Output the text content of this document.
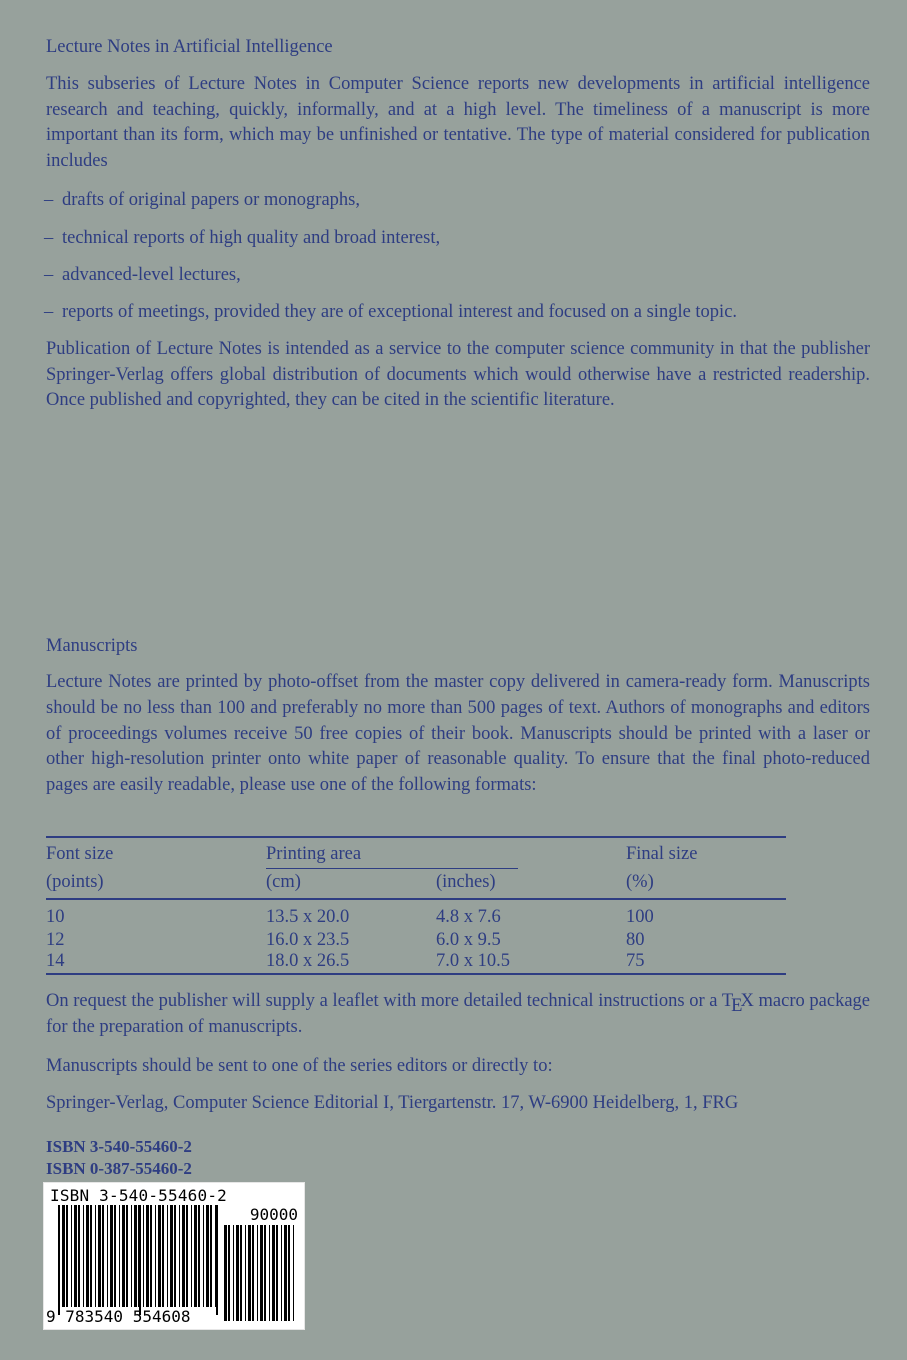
Lecture Notes in Artificial Intelligence

This subseries of Lecture Notes in Computer Science reports new developments in artificial intelligence research and teaching, quickly, informally, and at a high level. The timeliness of a manuscript is more important than its form, which may be unfinished or tentative. The type of material considered for publication includes

– drafts of original papers or monographs,
– technical reports of high quality and broad interest,
– advanced-level lectures,
– reports of meetings, provided they are of exceptional interest and focused on a single topic.

Publication of Lecture Notes is intended as a service to the computer science community in that the publisher Springer-Verlag offers global distribution of documents which would otherwise have a restricted readership. Once published and copyrighted, they can be cited in the scientific literature.

Manuscripts

Lecture Notes are printed by photo-offset from the master copy delivered in camera-ready form. Manuscripts should be no less than 100 and preferably no more than 500 pages of text. Authors of monographs and editors of proceedings volumes receive 50 free copies of their book. Manuscripts should be printed with a laser or other high-resolution printer onto white paper of reasonable quality. To ensure that the final photo-reduced pages are easily readable, please use one of the following formats:

Font size	Printing area	Final size
(points)	(cm)	(inches)	(%)
10	13.5 x 20.0	4.8 x 7.6	100
12	16.0 x 23.5	6.0 x 9.5	80
14	18.0 x 26.5	7.0 x 10.5	75

On request the publisher will supply a leaflet with more detailed technical instructions or a TEX macro package for the preparation of manuscripts.

Manuscripts should be sent to one of the series editors or directly to:

Springer-Verlag, Computer Science Editorial I, Tiergartenstr. 17, W-6900 Heidelberg, 1, FRG

ISBN 3-540-55460-2
ISBN 0-387-55460-2
ISBN 3-540-55460-2
90000
9 783540 554608
